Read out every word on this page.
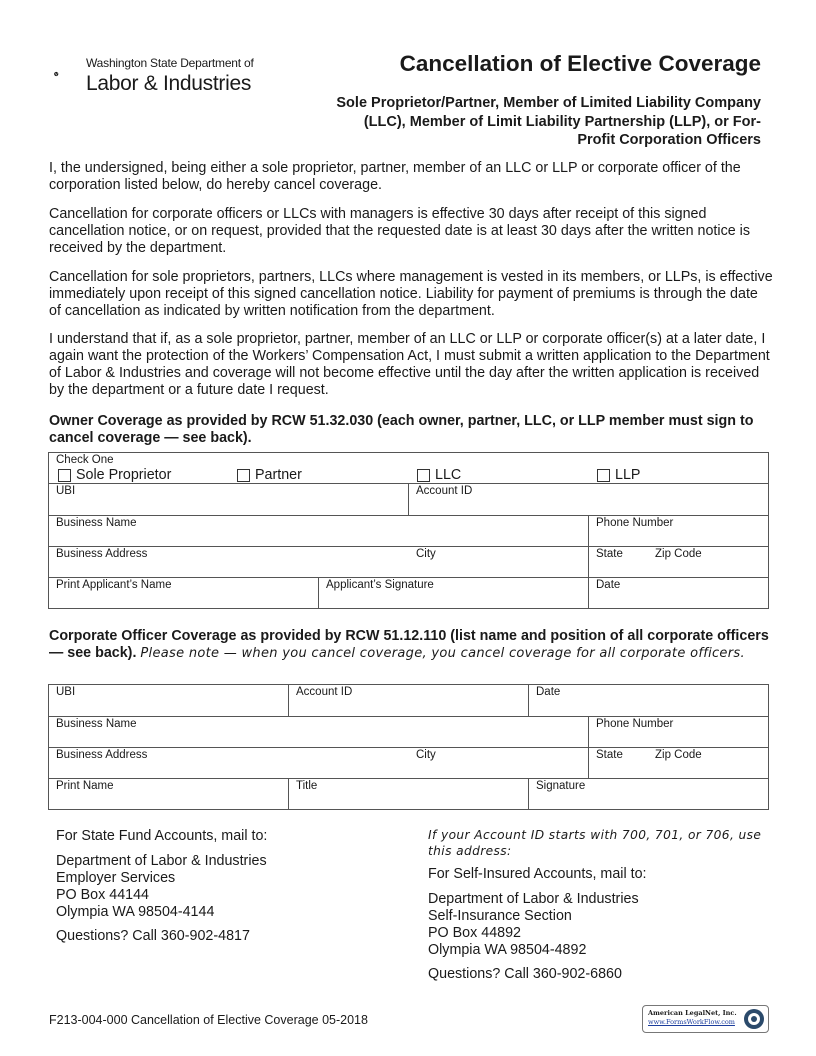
Washington State Department of
Labor & Industries
Cancellation of Elective Coverage
Sole Proprietor/Partner, Member of Limited Liability Company (LLC), Member of Limit Liability Partnership (LLP), or For-Profit Corporation Officers
I, the undersigned, being either a sole proprietor, partner, member of an LLC or LLP or corporate officer of the corporation listed below, do hereby cancel coverage.
Cancellation for corporate officers or LLCs with managers is effective 30 days after receipt of this signed cancellation notice, or on request, provided that the requested date is at least 30 days after the written notice is received by the department.
Cancellation for sole proprietors, partners, LLCs where management is vested in its members, or LLPs, is effective immediately upon receipt of this signed cancellation notice. Liability for payment of premiums is through the date of cancellation as indicated by written notification from the department.
I understand that if, as a sole proprietor, partner, member of an LLC or LLP or corporate officer(s) at a later date, I again want the protection of the Workers’ Compensation Act, I must submit a written application to the Department of Labor & Industries and coverage will not become effective until the day after the written application is received by the department or a future date I request.
Owner Coverage as provided by RCW 51.32.030 (each owner, partner, LLC, or LLP member must sign to cancel coverage — see back).
Check One
Sole Proprietor	Partner	LLC	LLP
UBI	Account ID
Business Name	Phone Number
Business Address	City	State	Zip Code
Print Applicant’s Name	Applicant’s Signature	Date
Corporate Officer Coverage as provided by RCW 51.12.110 (list name and position of all corporate officers — see back). Please note — when you cancel coverage, you cancel coverage for all corporate officers.
UBI	Account ID	Date
Business Name	Phone Number
Business Address	City	State	Zip Code
Print Name	Title	Signature
For State Fund Accounts, mail to:
Department of Labor & Industries
Employer Services
PO Box 44144
Olympia WA 98504-4144
Questions? Call 360-902-4817
If your Account ID starts with 700, 701, or 706, use this address:
For Self-Insured Accounts, mail to:
Department of Labor & Industries
Self-Insurance Section
PO Box 44892
Olympia WA 98504-4892
Questions? Call 360-902-6860
F213-004-000 Cancellation of Elective Coverage 05-2018	American LegalNet, Inc.
www.FormsWorkFlow.com
